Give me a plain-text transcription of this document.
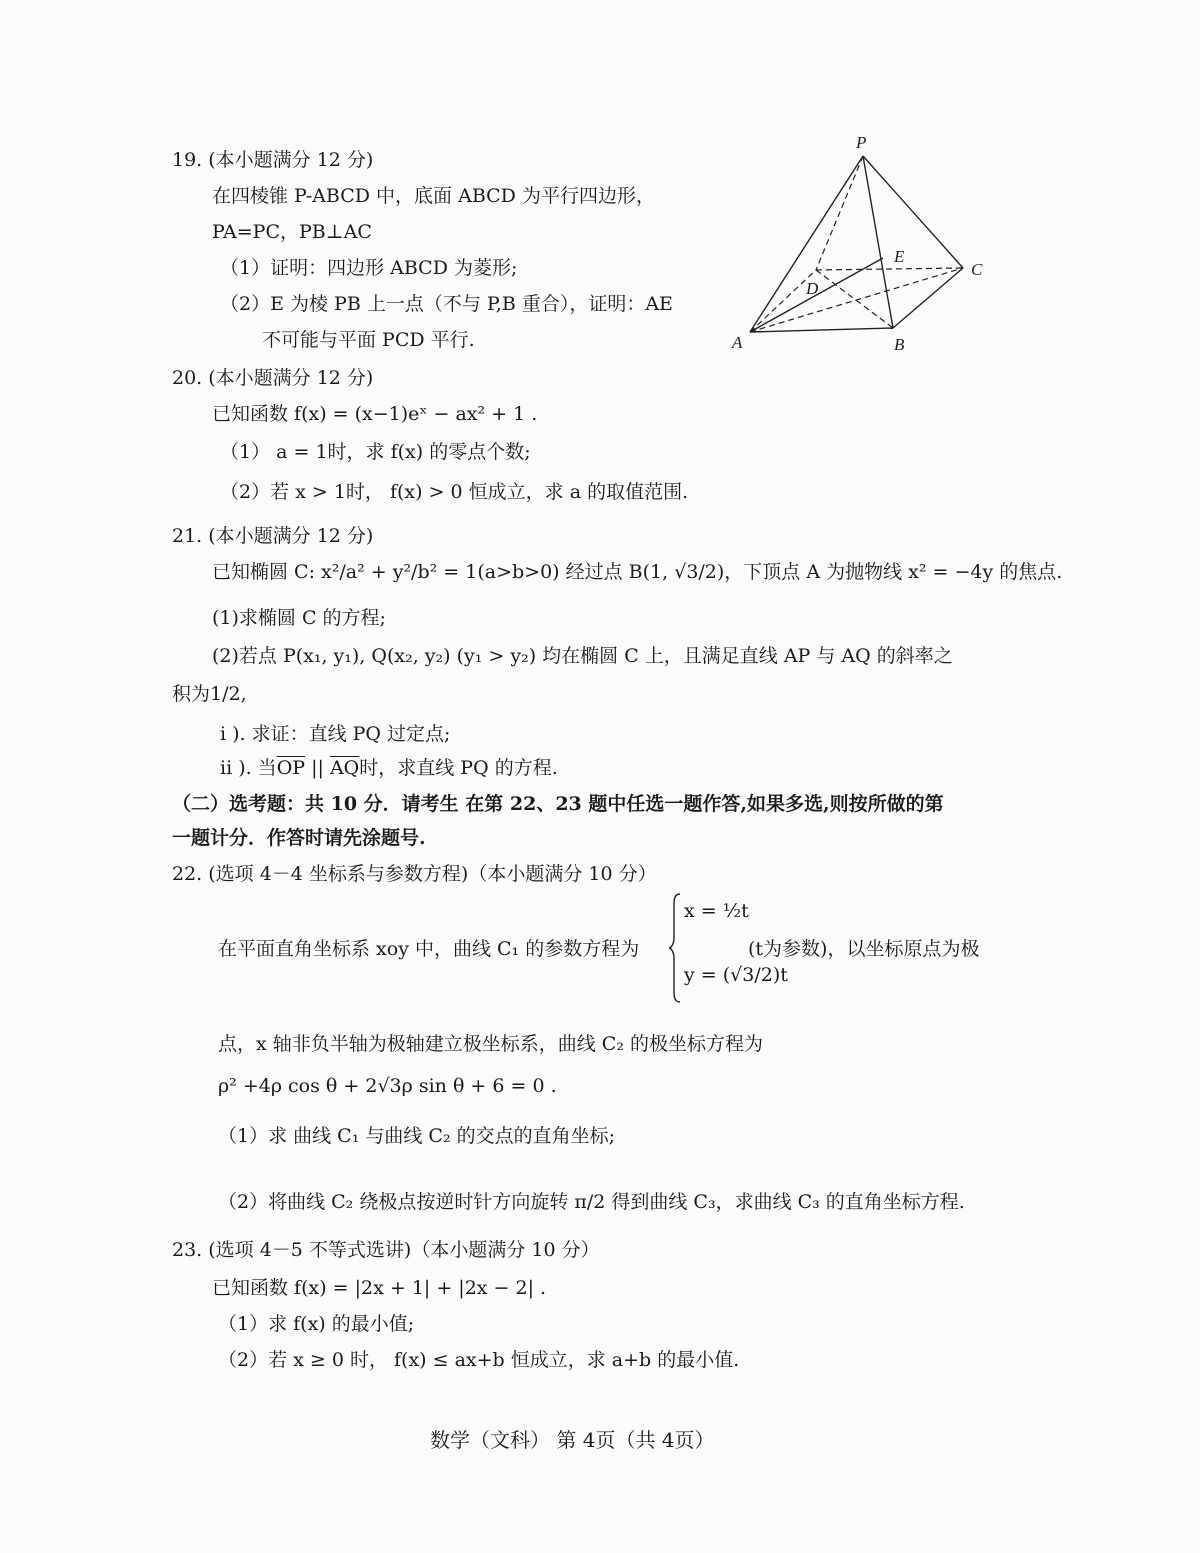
19. (本小题满分 12 分)
在四棱锥 P-ABCD 中，底面 ABCD 为平行四边形，
PA=PC，PB⊥AC
（1）证明：四边形 ABCD 为菱形;
（2）E 为棱 PB 上一点（不与 P,B 重合），证明：AE
不可能与平面 PCD 平行.
P
E
C
D
A	B
20. (本小题满分 12 分)
已知函数 f(x) = (x−1)eˣ − ax² + 1 .
（1） a = 1时，求 f(x) 的零点个数;
（2）若 x > 1时， f(x) > 0 恒成立，求 a 的取值范围.
21. (本小题满分 12 分)
已知椭圆 C: x²/a² + y²/b² = 1(a>b>0) 经过点 B(1, √3/2)，下顶点 A 为抛物线 x² = −4y 的焦点.
(1)求椭圆 C 的方程;
(2)若点 P(x₁, y₁), Q(x₂, y₂) (y₁ > y₂) 均在椭圆 C 上，且满足直线 AP 与 AQ 的斜率之
积为1/2,
i ). 求证：直线 PQ 过定点;
ii ). 当$\overline{OP}$ || $\overline{AQ}$时，求直线 PQ 的方程.
（二）选考题：共 10 分．请考生 在第 22、23 题中任选一题作答,如果多选,则按所做的第
一题计分．作答时请先涂题号.
22. (选项 4－4 坐标系与参数方程)（本小题满分 10 分）
在平面直角坐标系 xoy 中，曲线 C₁ 的参数方程为
x = ½t
y = (√3/2)t
(t为参数)，以坐标原点为极
点，x 轴非负半轴为极轴建立极坐标系，曲线 C₂ 的极坐标方程为
ρ² +4ρ cos θ + 2√3ρ sin θ + 6 = 0 .
（1）求 曲线 C₁ 与曲线 C₂ 的交点的直角坐标;
（2）将曲线 C₂ 绕极点按逆时针方向旋转 π/2 得到曲线 C₃，求曲线 C₃ 的直角坐标方程.
23. (选项 4－5 不等式选讲)（本小题满分 10 分）
已知函数 f(x) = |2x + 1| + |2x − 2| .
（1）求 f(x) 的最小值;
（2）若 x ≥ 0 时， f(x) ≤ ax+b 恒成立，求 a+b 的最小值.
数学（文科） 第 4页（共 4页）
